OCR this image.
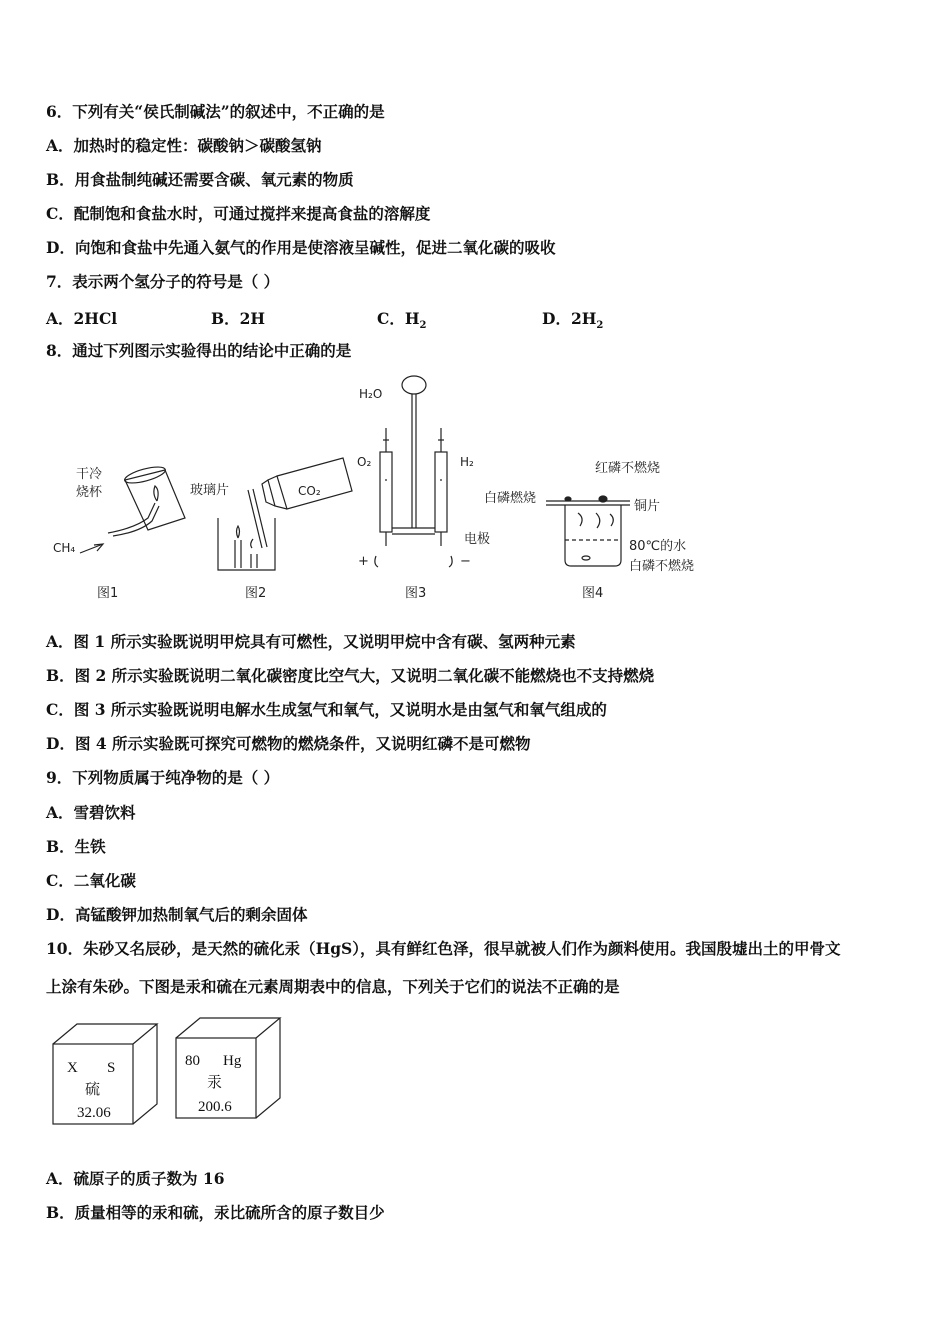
6．下列有关“侯氏制碱法”的叙述中，不正确的是
A．加热时的稳定性：碳酸钠＞碳酸氢钠
B．用食盐制纯碱还需要含碳、氧元素的物质
C．配制饱和食盐水时，可通过搅拌来提高食盐的溶解度
D．向饱和食盐中先通入氨气的作用是使溶液呈碱性，促进二氧化碳的吸收
7．表示两个氢分子的符号是（ ）
A．2HCl	B．2H	C．$H_2$	D．$2H_2$
8．通过下列图示实验得出的结论中正确的是
干冷
烧杯
CH₄
图1
玻璃片	CO₂
图2
H₂O
O₂	H₂
电极
+	−
图3
红磷不燃烧
白磷燃烧
铜片
80℃的水
白磷不燃烧
图4
A．图 1 所示实验既说明甲烷具有可燃性，又说明甲烷中含有碳、氢两种元素
B．图 2 所示实验既说明二氧化碳密度比空气大，又说明二氧化碳不能燃烧也不支持燃烧
C．图 3 所示实验既说明电解水生成氢气和氧气，又说明水是由氢气和氧气组成的
D．图 4 所示实验既可探究可燃物的燃烧条件，又说明红磷不是可燃物
9．下列物质属于纯净物的是（ ）
A．雪碧饮料
B．生铁
C．二氧化碳
D．高锰酸钾加热制氧气后的剩余固体
10．朱砂又名辰砂，是天然的硫化汞（HgS），具有鲜红色泽，很早就被人们作为颜料使用。我国殷墟出土的甲骨文
上涂有朱砂。下图是汞和硫在元素周期表中的信息，下列关于它们的说法不正确的是
X S
硫
32.06
80 Hg
汞
200.6
A．硫原子的质子数为 16
B．质量相等的汞和硫，汞比硫所含的原子数目少
